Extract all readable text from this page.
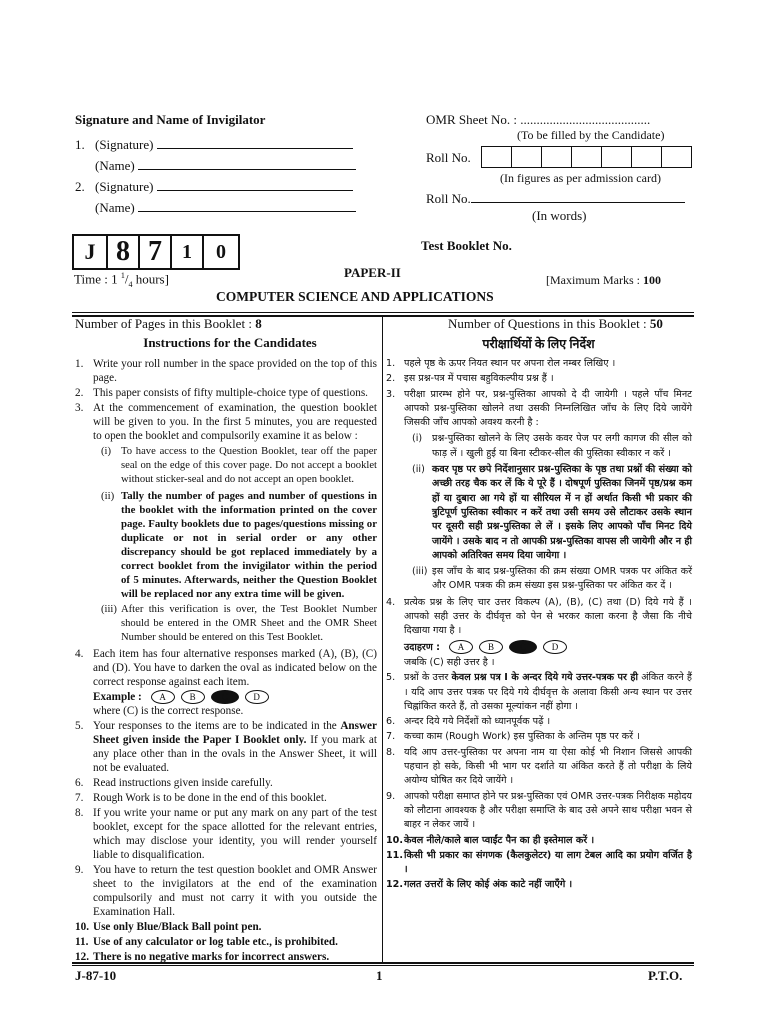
Signature and Name of Invigilator
1. (Signature)
(Name)
2. (Signature)
(Name)
OMR Sheet No. : ........................................
(To be filled by the Candidate)
Roll No.
(In figures as per admission card)
Roll No.
(In words)
J 8 7	1	0	Test Booklet No.
Time : 1 $^1/_4$ hours]	PAPER-II	[Maximum Marks : 100
COMPUTER SCIENCE AND APPLICATIONS
Number of Pages in this Booklet : 8	Number of Questions in this Booklet : 50
Instructions for the Candidates
1. Write your roll number in the space provided on the top of this page.
2. This paper consists of fifty multiple-choice type of questions.
3. At the commencement of examination, the question booklet will be given to you. In the first 5 minutes, you are requested to open the booklet and compulsorily examine it as below :
(i) To have access to the Question Booklet, tear off the paper seal on the edge of this cover page. Do not accept a booklet without sticker-seal and do not accept an open booklet.
(ii) Tally the number of pages and number of questions in the booklet with the information printed on the cover page. Faulty booklets due to pages/questions missing or duplicate or not in serial order or any other discrepancy should be got replaced immediately by a correct booklet from the invigilator within the period of 5 minutes. Afterwards, neither the Question Booklet will be replaced nor any extra time will be given.
(iii) After this verification is over, the Test Booklet Number should be entered in the OMR Sheet and the OMR Sheet Number should be entered on this Test Booklet.
4. Each item has four alternative responses marked (A), (B), (C) and (D). You have to darken the oval as indicated below on the correct response against each item.
Example :	A	B	C	D
where (C) is the correct response.
5. Your responses to the items are to be indicated in the Answer Sheet given inside the Paper I Booklet only. If you mark at any place other than in the ovals in the Answer Sheet, it will not be evaluated.
6. Read instructions given inside carefully.
7. Rough Work is to be done in the end of this booklet.
8. If you write your name or put any mark on any part of the test booklet, except for the space allotted for the relevant entries, which may disclose your identity, you will render yourself liable to disqualification.
9. You have to return the test question booklet and OMR Answer sheet to the invigilators at the end of the examination compulsorily and must not carry it with you outside the Examination Hall.
10. Use only Blue/Black Ball point pen.
11. Use of any calculator or log table etc., is prohibited.
12. There is no negative marks for incorrect answers.
परीक्षार्थियों के लिए निर्देश
1. पहले पृष्ठ के ऊपर नियत स्थान पर अपना रोल नम्बर लिखिए ।
2. इस प्रश्न-पत्र में पचास बहुविकल्पीय प्रश्न हैं ।
3. परीक्षा प्रारम्भ होने पर, प्रश्न-पुस्तिका आपको दे दी जायेगी । पहले पाँच मिनट आपको प्रश्न-पुस्तिका खोलने तथा उसकी निम्नलिखित जाँच के लिए दिये जायेंगे जिसकी जाँच आपको अवश्य करनी है :
(i) प्रश्न-पुस्तिका खोलने के लिए उसके कवर पेज पर लगी कागज की सील को फाड़ लें । खुली हुई या बिना स्टीकर-सील की पुस्तिका स्वीकार न करें ।
(ii) कवर पृष्ठ पर छपे निर्देशानुसार प्रश्न-पुस्तिका के पृष्ठ तथा प्रश्नों की संख्या को अच्छी तरह चैक कर लें कि ये पूरे हैं । दोषपूर्ण पुस्तिका जिनमें पृष्ठ/प्रश्न कम हों या दुबारा आ गये हों या सीरियल में न हों अर्थात किसी भी प्रकार की त्रुटिपूर्ण पुस्तिका स्वीकार न करें तथा उसी समय उसे लौटाकर उसके स्थान पर दूसरी सही प्रश्न-पुस्तिका ले लें । इसके लिए आपको पाँच मिनट दिये जायेंगे । उसके बाद न तो आपकी प्रश्न-पुस्तिका वापस ली जायेगी और न ही आपको अतिरिक्त समय दिया जायेगा ।
(iii) इस जाँच के बाद प्रश्न-पुस्तिका की क्रम संख्या OMR पत्रक पर अंकित करें और OMR पत्रक की क्रम संख्या इस प्रश्न-पुस्तिका पर अंकित कर दें ।
4. प्रत्येक प्रश्न के लिए चार उत्तर विकल्प (A), (B), (C) तथा (D) दिये गये हैं । आपको सही उत्तर के दीर्घवृत्त को पेन से भरकर काला करना है जैसा कि नीचे दिखाया गया है ।
उदाहरण :	A	B	C	D
जबकि (C) सही उत्तर है ।
5. प्रश्नों के उत्तर केवल प्रश्न पत्र I के अन्दर दिये गये उत्तर-पत्रक पर ही अंकित करने हैं । यदि आप उत्तर पत्रक पर दिये गये दीर्घवृत्त के अलावा किसी अन्य स्थान पर उत्तर चिह्नांकित करते हैं, तो उसका मूल्यांकन नहीं होगा ।
6. अन्दर दिये गये निर्देशों को ध्यानपूर्वक पढ़ें ।
7. कच्चा काम (Rough Work) इस पुस्तिका के अन्तिम पृष्ठ पर करें ।
8. यदि आप उत्तर-पुस्तिका पर अपना नाम या ऐसा कोई भी निशान जिससे आपकी पहचान हो सके, किसी भी भाग पर दर्शाते या अंकित करते हैं तो परीक्षा के लिये अयोग्य घोषित कर दिये जायेंगे ।
9. आपको परीक्षा समाप्त होने पर प्रश्न-पुस्तिका एवं OMR उत्तर-पत्रक निरीक्षक महोदय को लौटाना आवश्यक है और परीक्षा समाप्ति के बाद उसे अपने साथ परीक्षा भवन से बाहर न लेकर जायें ।
10. केवल नीले/काले बाल प्वाईंट पैन का ही इस्तेमाल करें ।
11. किसी भी प्रकार का संगणक (कैलकुलेटर) या लाग टेबल आदि का प्रयोग वर्जित है ।
12. गलत उत्तरों के लिए कोई अंक काटे नहीं जाएँगे ।
J-87-10	1	P.T.O.
